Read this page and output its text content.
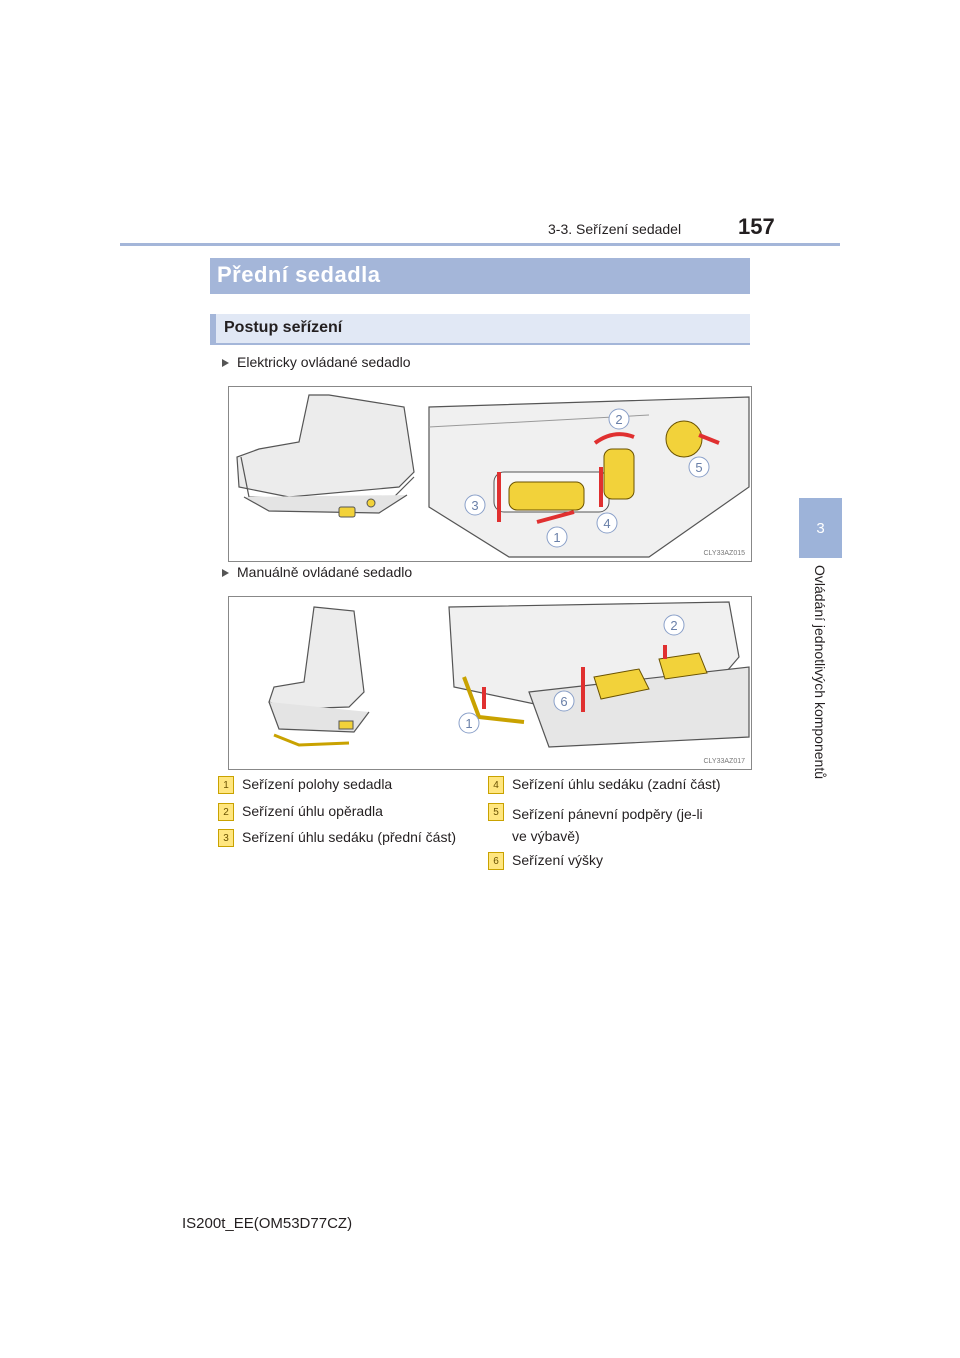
3-3. Seřízení sedadel	157
3
Ovládání jednotlivých komponentů
Přední sedadla
Postup seřízení
Elektricky ovládané sedadlo
1
2
3
4
5
CLY33AZ015
Manuálně ovládané sedadlo
1
2
6
CLY33AZ017
1 Seřízení polohy sedadla
2 Seřízení úhlu opěradla
3 Seřízení úhlu sedáku (přední část)
4 Seřízení úhlu sedáku (zadní část)
5 Seřízení pánevní podpěry (je-li ve výbavě)
6 Seřízení výšky
IS200t_EE(OM53D77CZ)
